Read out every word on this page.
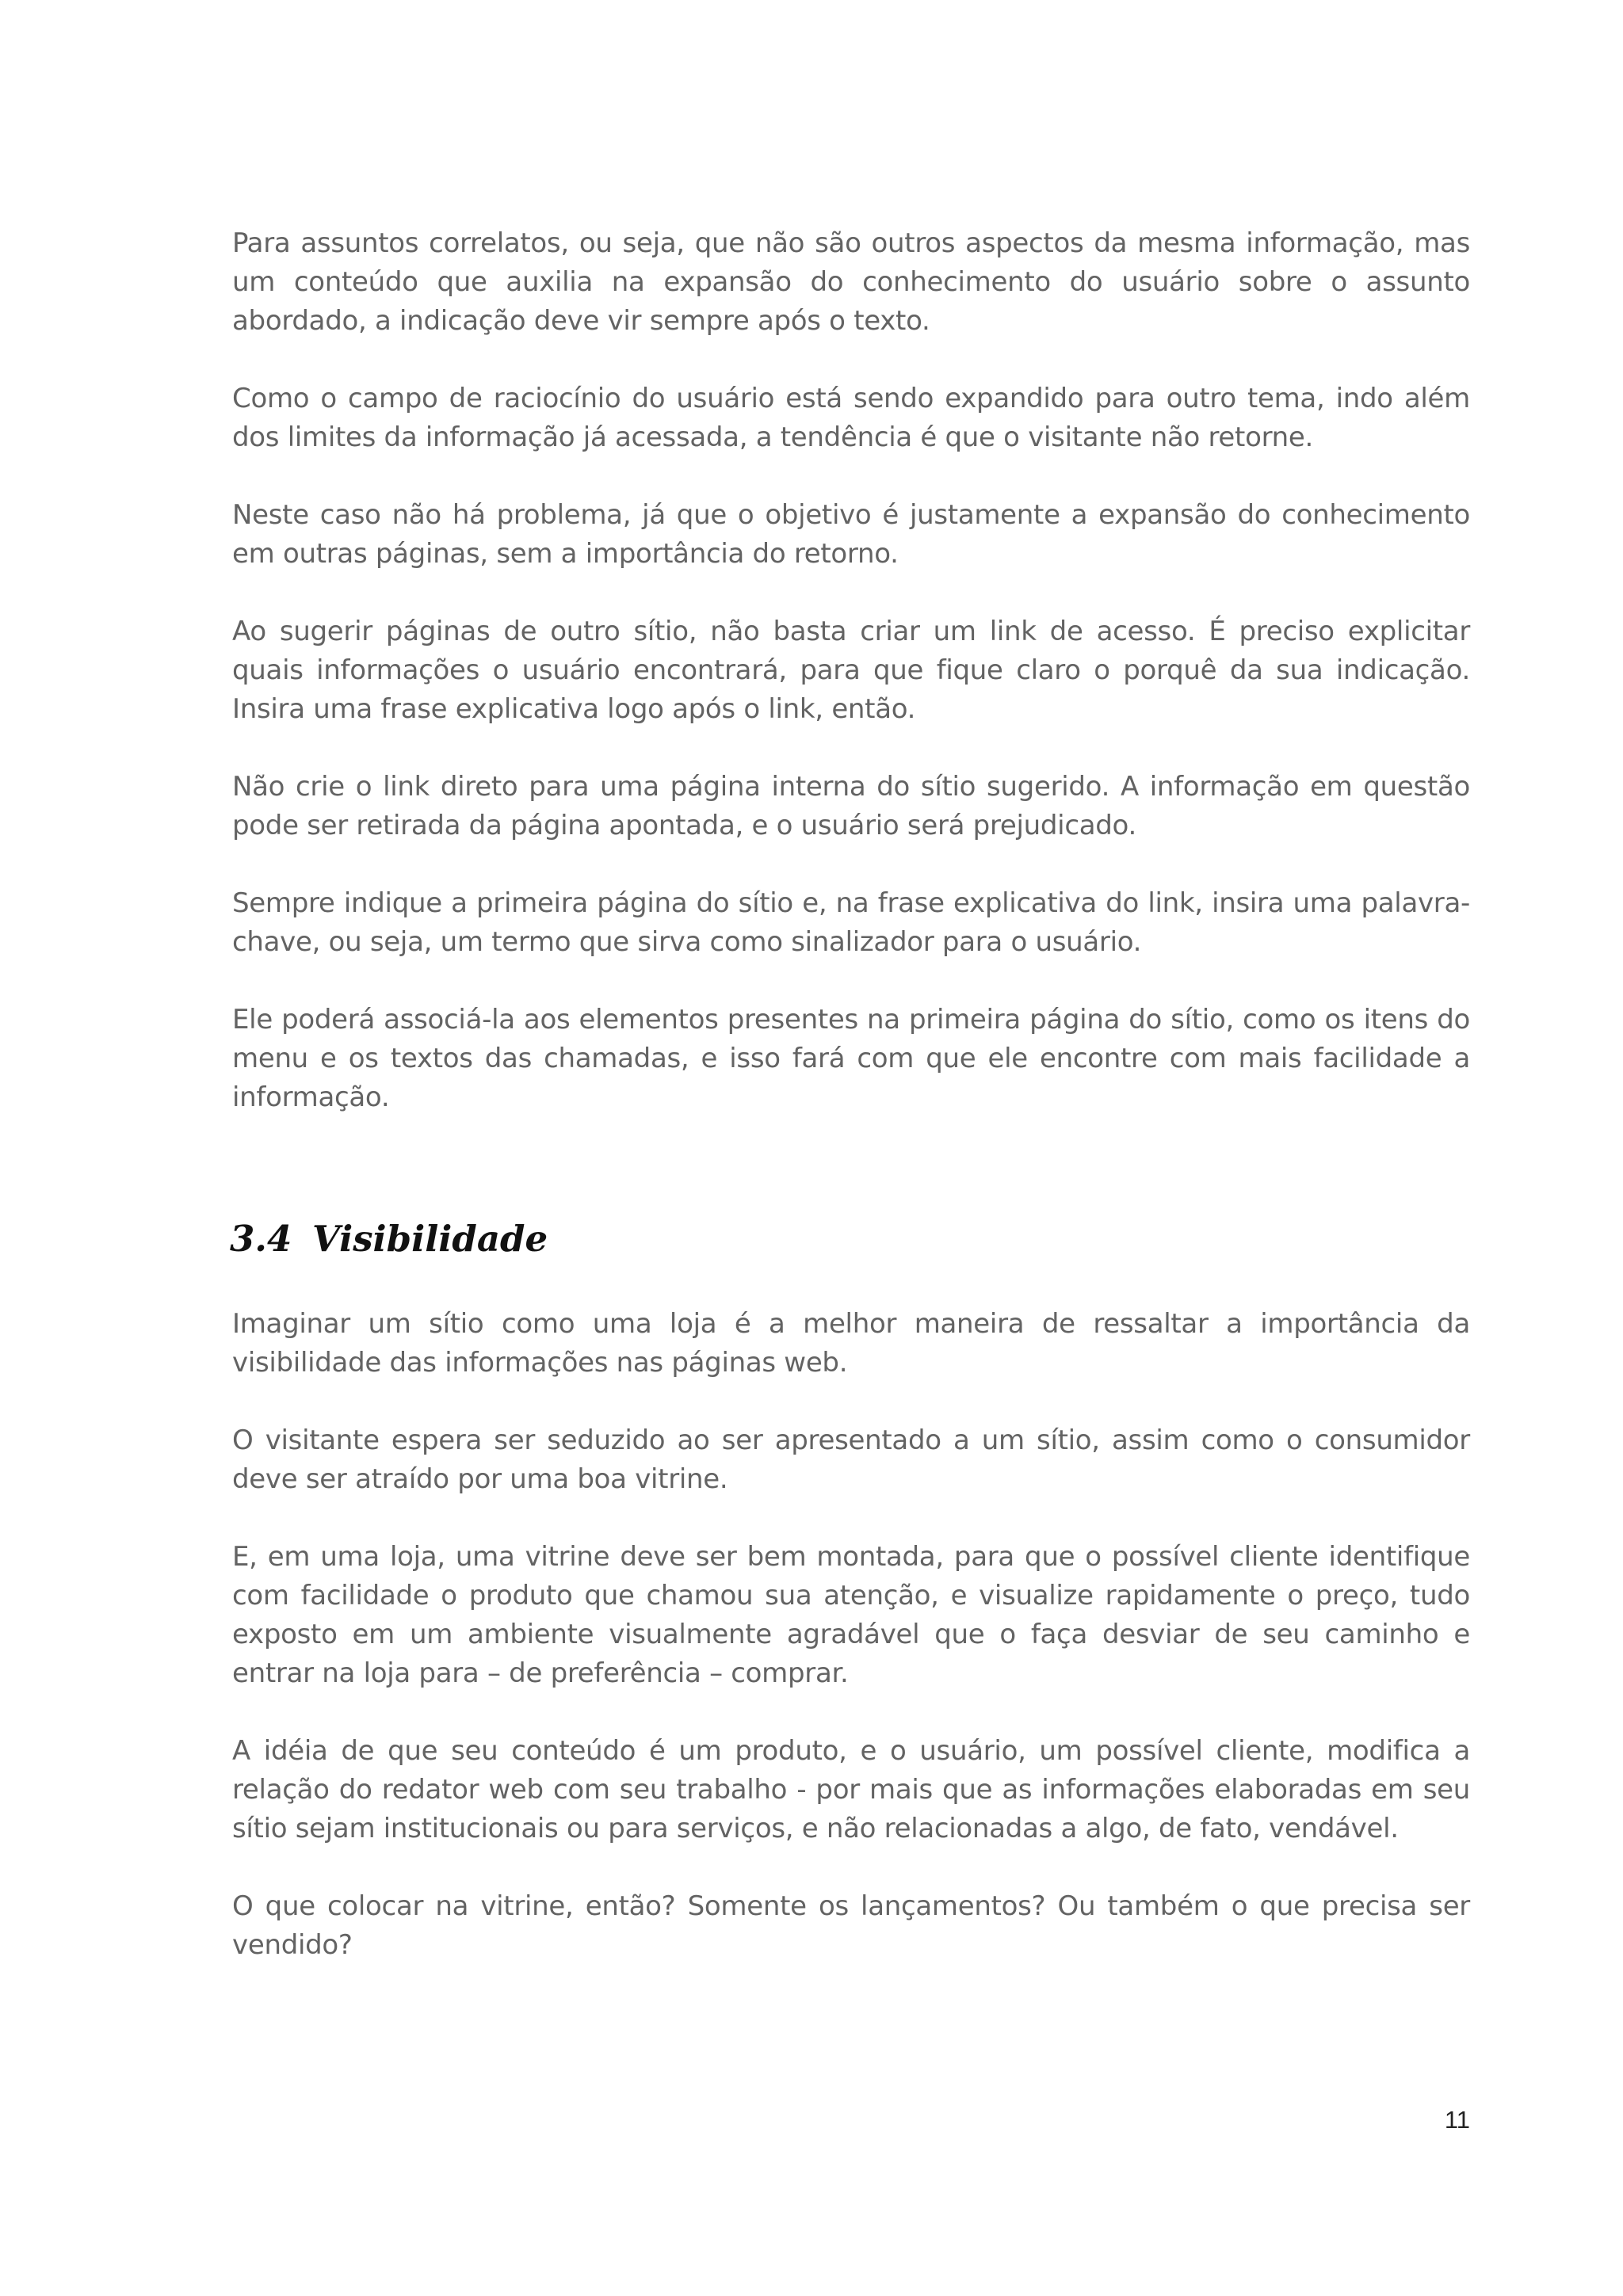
Para assuntos correlatos, ou seja, que não são outros aspectos da mesma informação, mas um conteúdo que auxilia na expansão do conhecimento do usuário sobre o assunto abordado, a indicação deve vir sempre após o texto.

Como o campo de raciocínio do usuário está sendo expandido para outro tema, indo além dos limites da informação já acessada, a tendência é que o visitante não retorne.

Neste caso não há problema, já que o objetivo é justamente a expansão do conhecimento em outras páginas, sem a importância do retorno.

Ao sugerir páginas de outro sítio, não basta criar um link de acesso. É preciso explicitar quais informações o usuário encontrará, para que fique claro o porquê da sua indicação. Insira uma frase explicativa logo após o link, então.

Não crie o link direto para uma página interna do sítio sugerido. A informação em questão pode ser retirada da página apontada, e o usuário será prejudicado.

Sempre indique a primeira página do sítio e, na frase explicativa do link, insira uma palavra-chave, ou seja, um termo que sirva como sinalizador para o usuário.

Ele poderá associá-la aos elementos presentes na primeira página do sítio, como os itens do menu e os textos das chamadas, e isso fará com que ele encontre com mais facilidade a informação.

3.4 Visibilidade

Imaginar um sítio como uma loja é a melhor maneira de ressaltar a importância da visibilidade das informações nas páginas web.

O visitante espera ser seduzido ao ser apresentado a um sítio, assim como o consumidor deve ser atraído por uma boa vitrine.

E, em uma loja, uma vitrine deve ser bem montada, para que o possível cliente identifique com facilidade o produto que chamou sua atenção, e visualize rapidamente o preço, tudo exposto em um ambiente visualmente agradável que o faça desviar de seu caminho e entrar na loja para – de preferência – comprar.

A idéia de que seu conteúdo é um produto, e o usuário, um possível cliente, modifica a relação do redator web com seu trabalho - por mais que as informações elaboradas em seu sítio sejam institucionais ou para serviços, e não relacionadas a algo, de fato, vendável.

O que colocar na vitrine, então? Somente os lançamentos? Ou também o que precisa ser vendido?

11
